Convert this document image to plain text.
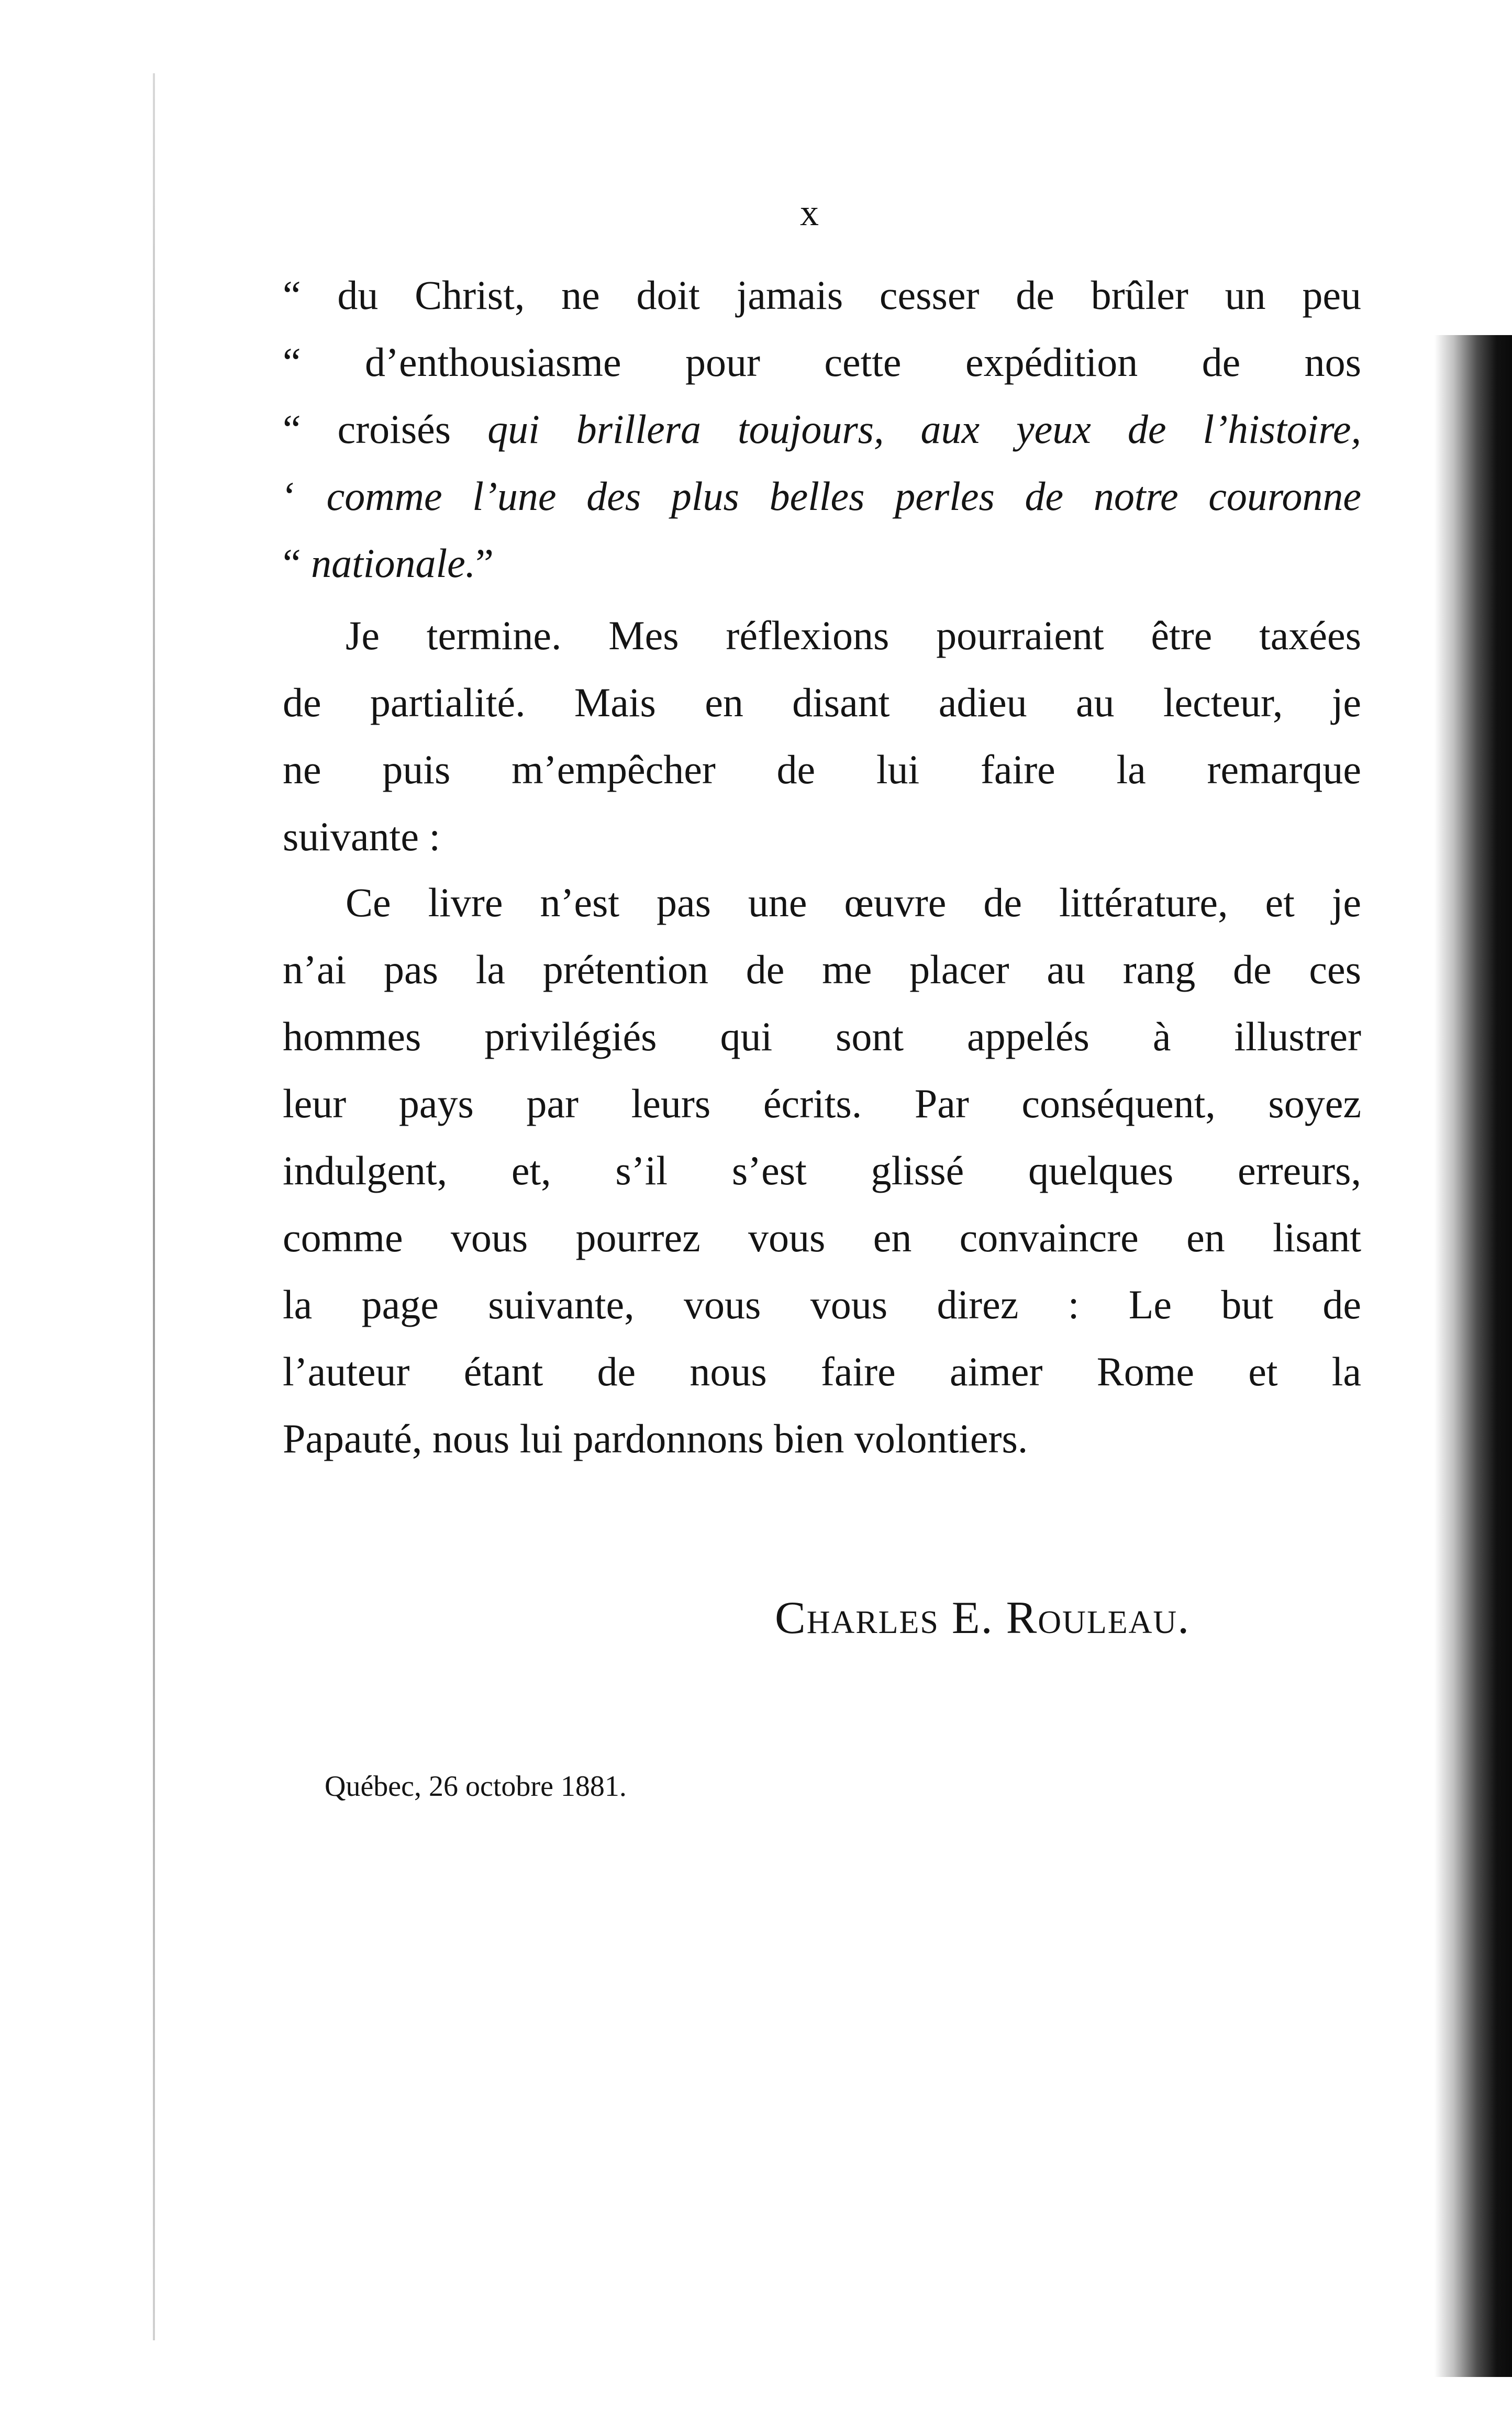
x
“ du Christ, ne doit jamais cesser de brûler un peu
“ d’enthousiasme pour cette expédition de nos
“ croisés qui brillera toujours, aux yeux de l’histoire,
‘ comme l’une des plus belles perles de notre couronne
“ nationale.”
Je termine. Mes réflexions pourraient être taxées
de partialité. Mais en disant adieu au lecteur, je
ne puis m’empêcher de lui faire la remarque
suivante :
Ce livre n’est pas une œuvre de littérature, et je
n’ai pas la prétention de me placer au rang de ces
hommes privilégiés qui sont appelés à illustrer
leur pays par leurs écrits. Par conséquent, soyez
indulgent, et, s’il s’est glissé quelques erreurs,
comme vous pourrez vous en convaincre en lisant
la page suivante, vous vous direz : Le but de
l’auteur étant de nous faire aimer Rome et la
Papauté, nous lui pardonnons bien volontiers.
Charles E. Rouleau.
Québec, 26 octobre 1881.
